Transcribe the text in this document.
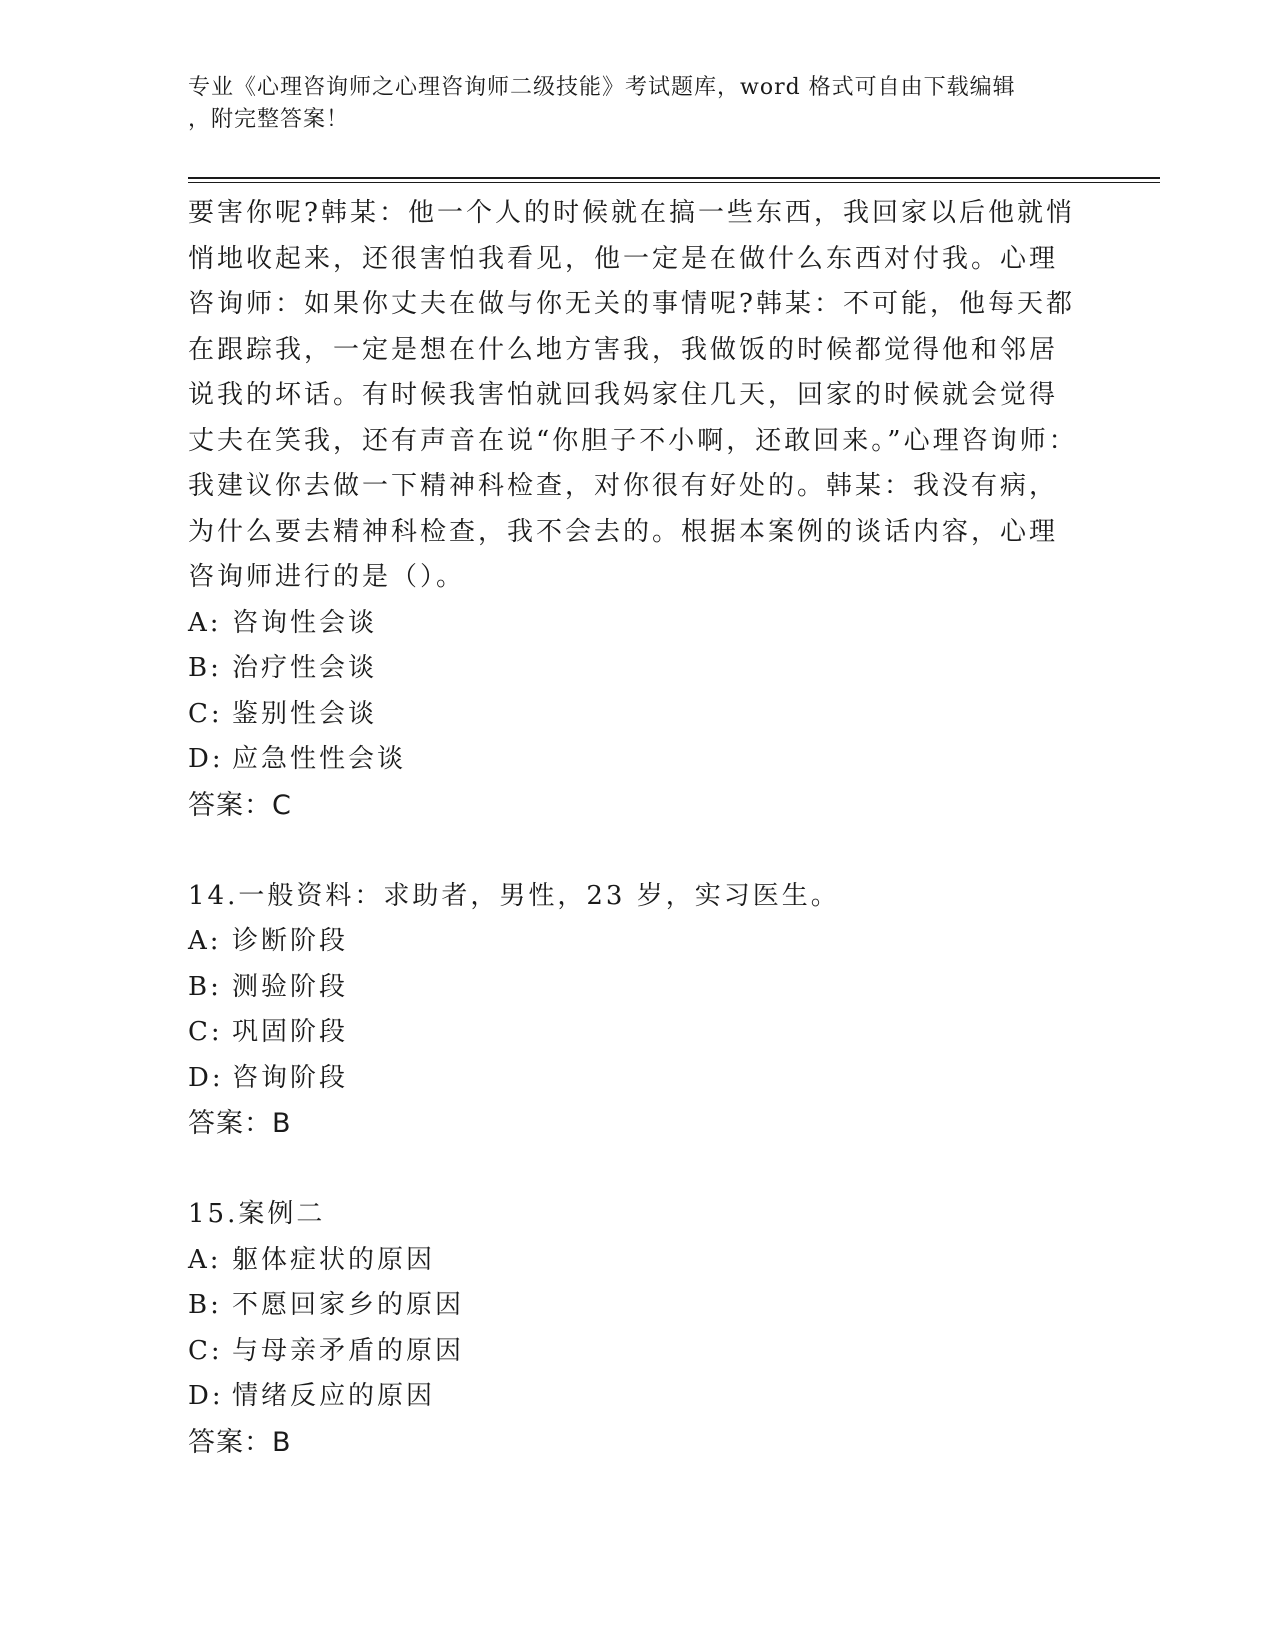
专业《心理咨询师之心理咨询师二级技能》考试题库，word 格式可自由下载编辑
，附完整答案！

要害你呢?韩某：他一个人的时候就在搞一些东西，我回家以后他就悄悄地收起来，还很害怕我看见，他一定是在做什么东西对付我。心理咨询师：如果你丈夫在做与你无关的事情呢?韩某：不可能，他每天都在跟踪我，一定是想在什么地方害我，我做饭的时候都觉得他和邻居说我的坏话。有时候我害怕就回我妈家住几天，回家的时候就会觉得丈夫在笑我，还有声音在说“你胆子不小啊，还敢回来。”心理咨询师：我建议你去做一下精神科检查，对你很有好处的。韩某：我没有病，为什么要去精神科检查，我不会去的。根据本案例的谈话内容，心理咨询师进行的是（）。

A: 咨询性会谈
B: 治疗性会谈
C: 鉴别性会谈
D: 应急性性会谈
答案：C

14.一般资料：求助者，男性，23 岁，实习医生。

A: 诊断阶段
B: 测验阶段
C: 巩固阶段
D: 咨询阶段
答案：B

15.案例二

A: 躯体症状的原因
B: 不愿回家乡的原因
C: 与母亲矛盾的原因
D: 情绪反应的原因
答案：B
